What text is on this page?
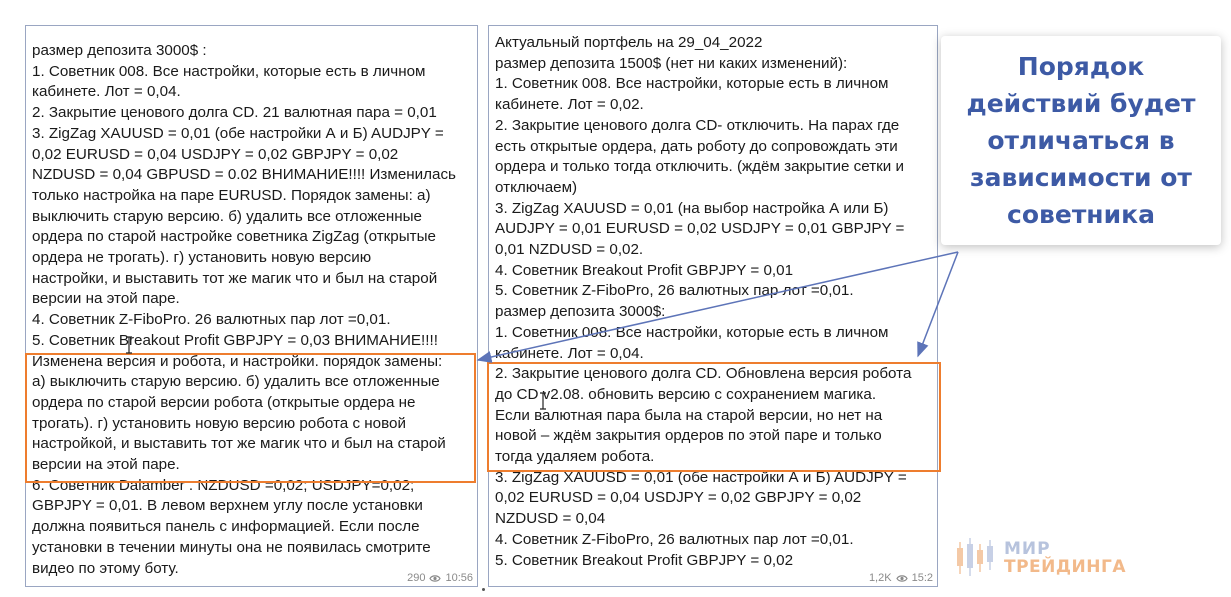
размер депозита 3000$ :
1. Советник 008. Все настройки, которые есть в личном
кабинете. Лот = 0,04.
2. Закрытие ценового долга CD. 21 валютная пара = 0,01
3. ZigZag XAUUSD = 0,01 (обе настройки А и Б) AUDJPY =
0,02 EURUSD = 0,04 USDJPY = 0,02 GBPJPY = 0,02
NZDUSD = 0,04 GBPUSD = 0.02 ВНИМАНИЕ!!!! Изменилась
только настройка на паре EURUSD. Порядок замены: а)
выключить старую версию. б) удалить все отложенные
ордера по старой настройке советника ZigZag (открытые
ордера не трогать). г) установить новую версию
настройки, и выставить тот же магик что и был на старой
версии на этой паре.
4. Советник Z-FiboPro. 26 валютных пар лот =0,01.
5. Советник Breakout Profit GBPJPY = 0,03 ВНИМАНИЕ!!!!
Изменена версия и робота, и настройки. порядок замены:
а) выключить старую версию. б) удалить все отложенные
ордера по старой версии робота (открытые ордера не
трогать). г) установить новую версию робота с новой
настройкой, и выставить тот же магик что и был на старой
версии на этой паре.
6. Советник Dalamber . NZDUSD =0,02; USDJPY=0,02;
GBPJPY = 0,01. В левом верхнем углу после установки
должна появиться панель с информацией. Если после
установки в течении минуты она не появилась смотрите
видео по этому боту.
290 10:56
Актуальный портфель на 29_04_2022
размер депозита 1500$ (нет ни каких изменений):
1. Советник 008. Все настройки, которые есть в личном
кабинете. Лот = 0,02.
2. Закрытие ценового долга CD- отключить. На парах где
есть открытые ордера, дать роботу до сопровождать эти
ордера и только тогда отключить. (ждём закрытие сетки и
отключаем)
3. ZigZag XAUUSD = 0,01 (на выбор настройка А или Б)
AUDJPY = 0,01 EURUSD = 0,02 USDJPY = 0,01 GBPJPY =
0,01 NZDUSD = 0,02.
4. Советник Breakout Profit GBPJPY = 0,01
5. Советник Z-FiboPro, 26 валютных пар лот =0,01.
размер депозита 3000$:
1. Советник 008. Все настройки, которые есть в личном
кабинете. Лот = 0,04.
2. Закрытие ценового долга CD. Обновлена версия робота
до CD v2.08. обновить версию с сохранением магика.
Если валютная пара была на старой версии, но нет на
новой – ждём закрытия ордеров по этой паре и только
тогда удаляем робота.
3. ZigZag XAUUSD = 0,01 (обе настройки А и Б) AUDJPY =
0,02 EURUSD = 0,04 USDJPY = 0,02 GBPJPY = 0,02
NZDUSD = 0,04
4. Советник Z-FiboPro, 26 валютных пар лот =0,01.
5. Советник Breakout Profit GBPJPY = 0,02
1,2K 15:2
Порядок
действий будет
отличаться в
зависимости от
советника
МИР
ТРЕЙДИНГА
